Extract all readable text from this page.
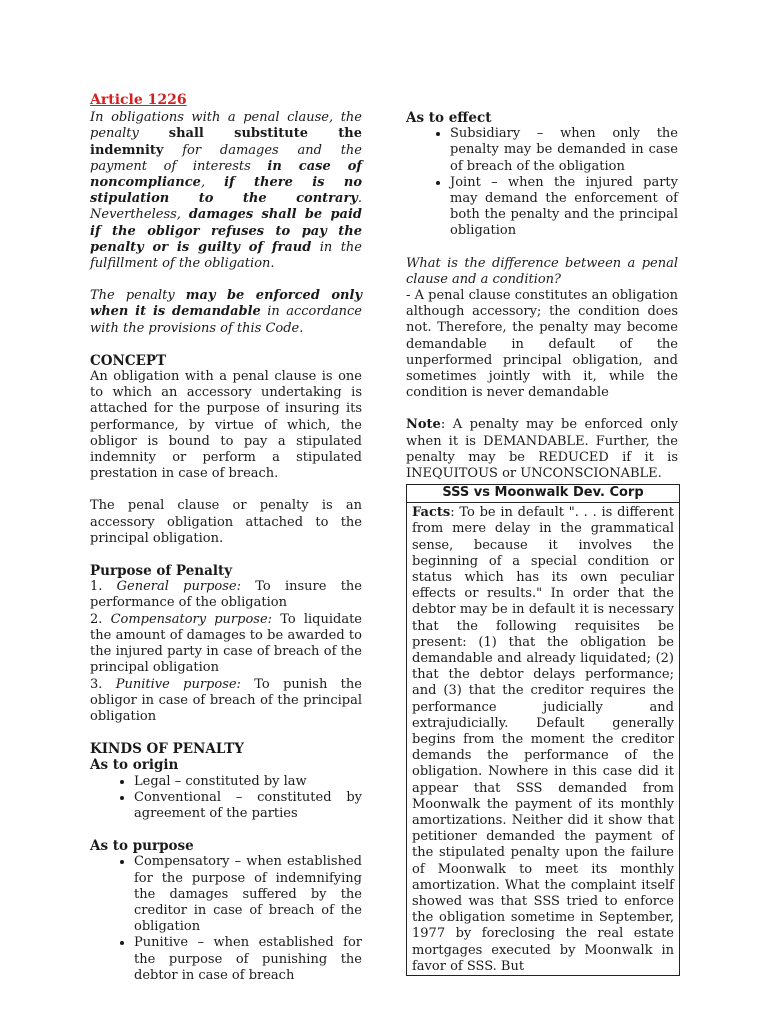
Article 1226

In obligations with a penal clause, the penalty shall substitute the indemnity for damages and the payment of interests in case of noncompliance, if there is no stipulation to the contrary. Nevertheless, damages shall be paid if the obligor refuses to pay the penalty or is guilty of fraud in the fulfillment of the obligation.

The penalty may be enforced only when it is demandable in accordance with the provisions of this Code.

CONCEPT

An obligation with a penal clause is one to which an accessory undertaking is attached for the purpose of insuring its performance, by virtue of which, the obligor is bound to pay a stipulated indemnity or perform a stipulated prestation in case of breach.

The penal clause or penalty is an accessory obligation attached to the principal obligation.

Purpose of Penalty

1. General purpose: To insure the performance of the obligation

2. Compensatory purpose: To liquidate the amount of damages to be awarded to the injured party in case of breach of the principal obligation

3. Punitive purpose: To punish the obligor in case of breach of the principal obligation

KINDS OF PENALTY
As to origin
• Legal – constituted by law
• Conventional – constituted by agreement of the parties
As to purpose
• Compensatory – when established for the purpose of indemnifying the damages suffered by the creditor in case of breach of the obligation
• Punitive – when established for the purpose of punishing the debtor in case of breach
As to effect
• Subsidiary – when only the penalty may be demanded in case of breach of the obligation
• Joint – when the injured party may demand the enforcement of both the penalty and the principal obligation

What is the difference between a penal clause and a condition?

- A penal clause constitutes an obligation although accessory; the condition does not. Therefore, the penalty may become demandable in default of the unperformed principal obligation, and sometimes jointly with it, while the condition is never demandable

Note: A penalty may be enforced only when it is DEMANDABLE. Further, the penalty may be REDUCED if it is INEQUITOUS or UNCONSCIONABLE.

SSS vs Moonwalk Dev. Corp
Facts: To be in default ". . . is different from mere delay in the grammatical sense, because it involves the beginning of a special condition or status which has its own peculiar effects or results." In order that the debtor may be in default it is necessary that the following requisites be present: (1) that the obligation be demandable and already liquidated; (2) that the debtor delays performance; and (3) that the creditor requires the performance judicially and extrajudicially. Default generally begins from the moment the creditor demands the performance of the obligation. Nowhere in this case did it appear that SSS demanded from Moonwalk the payment of its monthly amortizations. Neither did it show that petitioner demanded the payment of the stipulated penalty upon the failure of Moonwalk to meet its monthly amortization. What the complaint itself showed was that SSS tried to enforce the obligation sometime in September, 1977 by foreclosing the real estate mortgages executed by Moonwalk in favor of SSS. But
